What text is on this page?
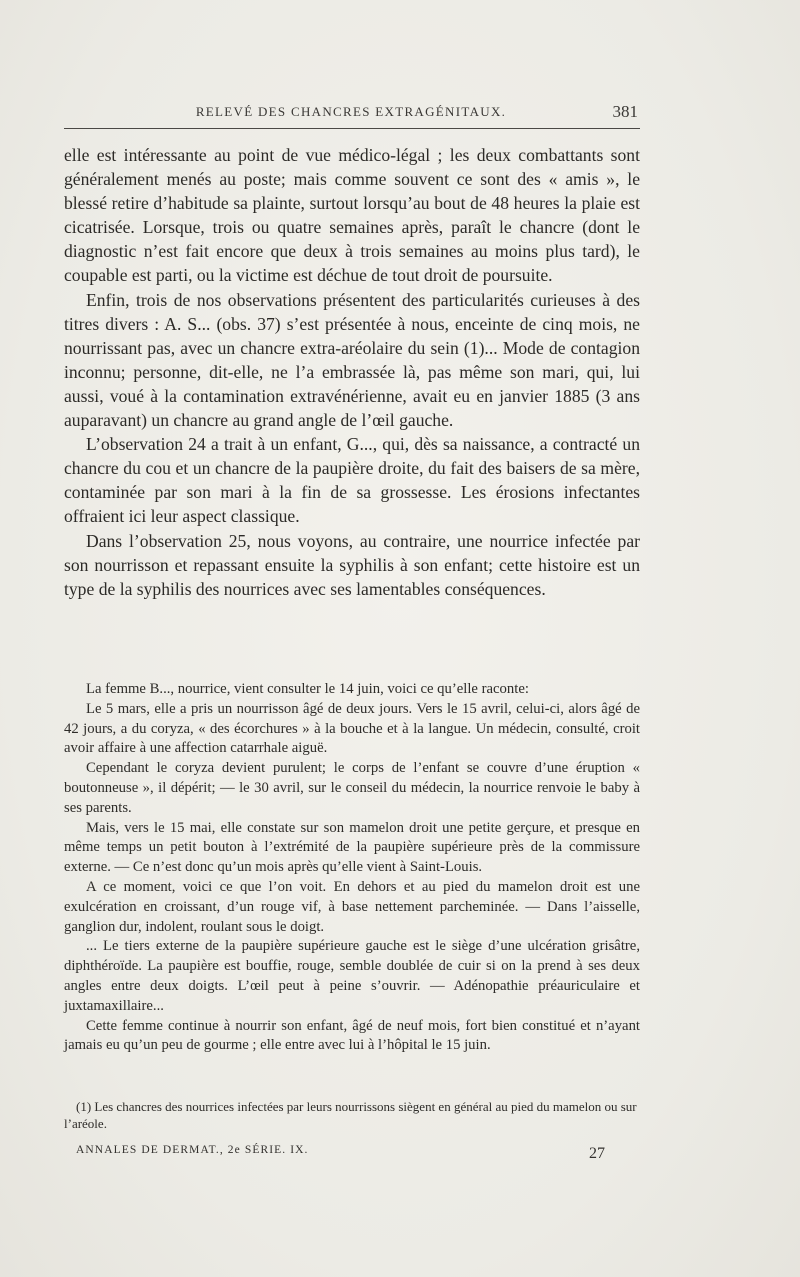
RELEVÉ DES CHANCRES EXTRAGÉNITAUX.	381

elle est intéressante au point de vue médico-légal ; les deux combattants sont généralement menés au poste; mais comme souvent ce sont des « amis », le blessé retire d’habitude sa plainte, surtout lorsqu’au bout de 48 heures la plaie est cicatrisée. Lorsque, trois ou quatre semaines après, paraît le chancre (dont le diagnostic n’est fait encore que deux à trois semaines au moins plus tard), le coupable est parti, ou la victime est déchue de tout droit de poursuite.

Enfin, trois de nos observations présentent des particularités curieuses à des titres divers : A. S... (obs. 37) s’est présentée à nous, enceinte de cinq mois, ne nourrissant pas, avec un chancre extra-aréolaire du sein (1)... Mode de contagion inconnu; personne, dit-elle, ne l’a embrassée là, pas même son mari, qui, lui aussi, voué à la contamination extravénérienne, avait eu en janvier 1885 (3 ans auparavant) un chancre au grand angle de l’œil gauche.

L’observation 24 a trait à un enfant, G..., qui, dès sa naissance, a contracté un chancre du cou et un chancre de la paupière droite, du fait des baisers de sa mère, contaminée par son mari à la fin de sa grossesse. Les érosions infectantes offraient ici leur aspect classique.

Dans l’observation 25, nous voyons, au contraire, une nourrice infectée par son nourrisson et repassant ensuite la syphilis à son enfant; cette histoire est un type de la syphilis des nourrices avec ses lamentables conséquences.

La femme B..., nourrice, vient consulter le 14 juin, voici ce qu’elle raconte:

Le 5 mars, elle a pris un nourrisson âgé de deux jours. Vers le 15 avril, celui-ci, alors âgé de 42 jours, a du coryza, « des écorchures » à la bouche et à la langue. Un médecin, consulté, croit avoir affaire à une affection catarrhale aiguë.

Cependant le coryza devient purulent; le corps de l’enfant se couvre d’une éruption « boutonneuse », il dépérit; — le 30 avril, sur le conseil du médecin, la nourrice renvoie le baby à ses parents.

Mais, vers le 15 mai, elle constate sur son mamelon droit une petite gerçure, et presque en même temps un petit bouton à l’extrémité de la paupière supérieure près de la commissure externe. — Ce n’est donc qu’un mois après qu’elle vient à Saint-Louis.

A ce moment, voici ce que l’on voit. En dehors et au pied du mamelon droit est une exulcération en croissant, d’un rouge vif, à base nettement parcheminée. — Dans l’aisselle, ganglion dur, indolent, roulant sous le doigt.

... Le tiers externe de la paupière supérieure gauche est le siège d’une ulcération grisâtre, diphthéroïde. La paupière est bouffie, rouge, semble doublée de cuir si on la prend à ses deux angles entre deux doigts. L’œil peut à peine s’ouvrir. — Adénopathie préauriculaire et juxtamaxillaire...

Cette femme continue à nourrir son enfant, âgé de neuf mois, fort bien constitué et n’ayant jamais eu qu’un peu de gourme ; elle entre avec lui à l’hôpital le 15 juin.

(1) Les chancres des nourrices infectées par leurs nourrissons siègent en général au pied du mamelon ou sur l’aréole.

ANNALES DE DERMAT., 2e SÉRIE. IX.	27
